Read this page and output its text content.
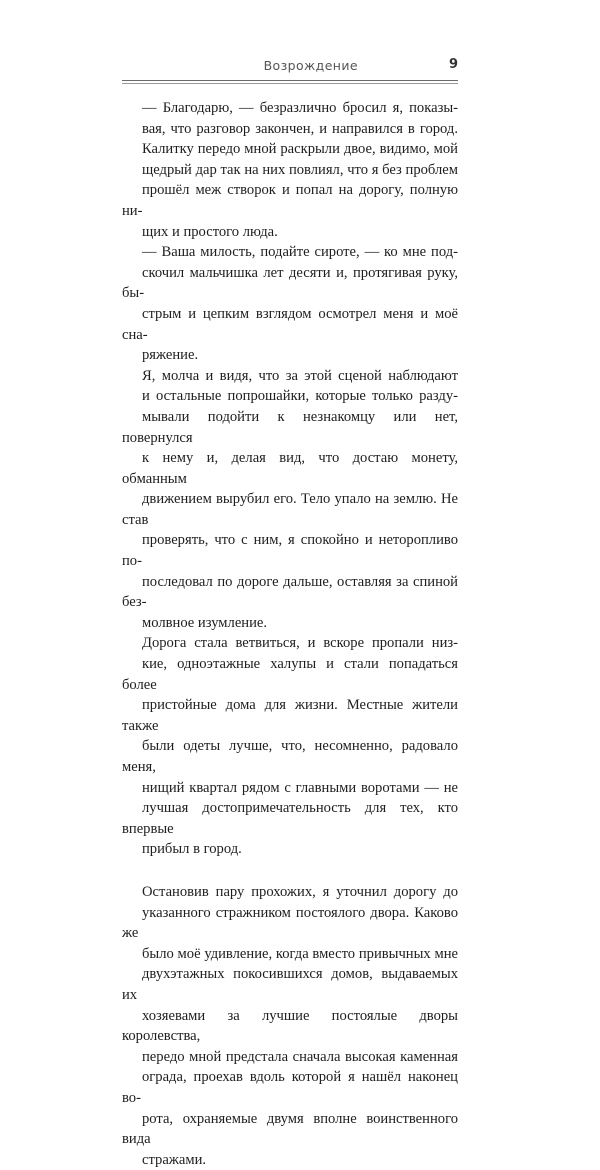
Возрождение	9

— Благодарю, — безразлично бросил я, показы-
вая, что разговор закончен, и направился в город.
Калитку передо мной раскрыли двое, видимо, мой
щедрый дар так на них повлиял, что я без проблем
прошёл меж створок и попал на дорогу, полную ни-
щих и простого люда.

— Ваша милость, подайте сироте, — ко мне под-
скочил мальчишка лет десяти и, протягивая руку, бы-
стрым и цепким взглядом осмотрел меня и моё сна-
ряжение.

Я, молча и видя, что за этой сценой наблюдают
и остальные попрошайки, которые только разду-
мывали подойти к незнакомцу или нет, повернулся
к нему и, делая вид, что достаю монету, обманным
движением вырубил его. Тело упало на землю. Не став
проверять, что с ним, я спокойно и неторопливо по-
последовал по дороге дальше, оставляя за спиной без-
молвное изумление.

Дорога стала ветвиться, и вскоре пропали низ-
кие, одноэтажные халупы и стали попадаться более
пристойные дома для жизни. Местные жители также
были одеты лучше, что, несомненно, радовало меня,
нищий квартал рядом с главными воротами — не
лучшая достопримечательность для тех, кто впервые
прибыл в город.

Остановив пару прохожих, я уточнил дорогу до
указанного стражником постоялого двора. Каково же
было моё удивление, когда вместо привычных мне
двухэтажных покосившихся домов, выдаваемых их
хозяевами за лучшие постоялые дворы королевства,
передо мной предстала сначала высокая каменная
ограда, проехав вдоль которой я нашёл наконец во-
рота, охраняемые двумя вполне воинственного вида
стражами.
